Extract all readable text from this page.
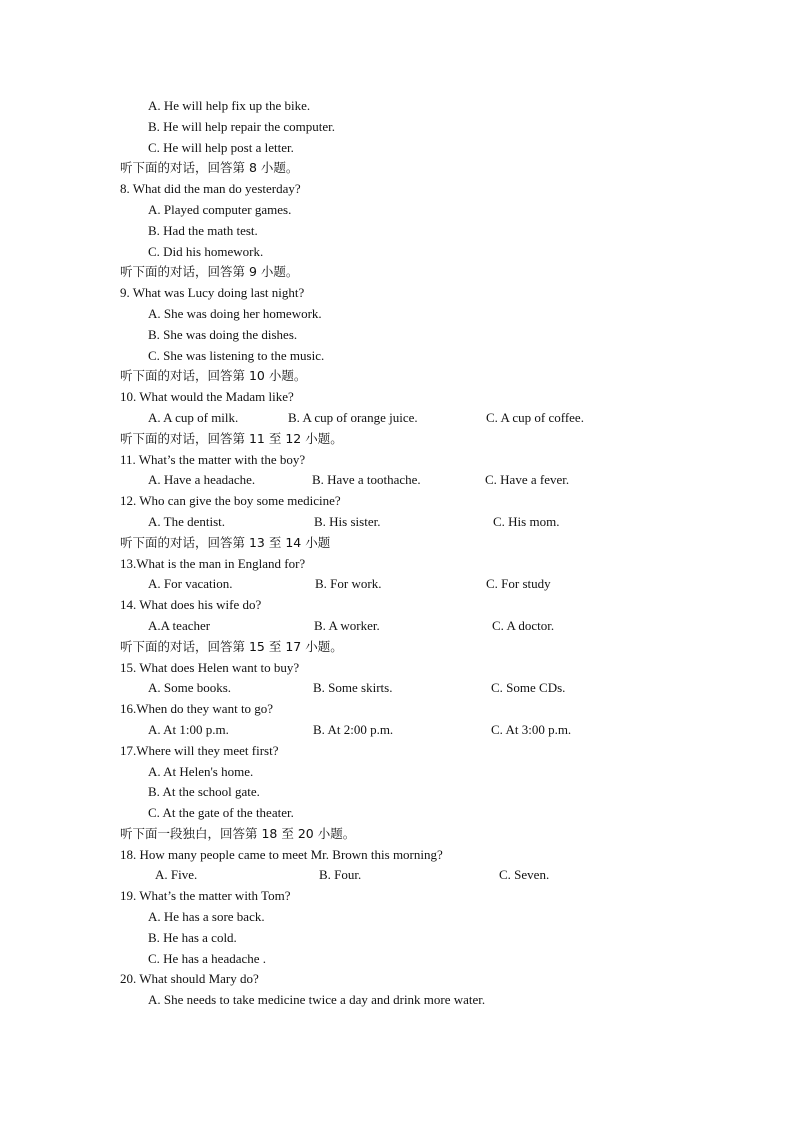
A. He will help fix up the bike.
B. He will help repair the computer.
C. He will help post a letter.
听下面的对话，回答第 8 小题。
8. What did the man do yesterday?
A. Played computer games.
B. Had the math test.
C. Did his homework.
听下面的对话，回答第 9 小题。
9. What was Lucy doing last night?
A. She was doing her homework.
B. She was doing the dishes.
C. She was listening to the music.
听下面的对话，回答第 10 小题。
10. What would the Madam like?
A. A cup of milk.	B. A cup of orange juice.	C. A cup of coffee.
听下面的对话，回答第 11 至 12 小题。
11. What’s the matter with the boy?
A. Have a headache.	B. Have a toothache.	C. Have a fever.
12. Who can give the boy some medicine?
A. The dentist.	B. His sister.	C. His mom.
听下面的对话，回答第 13 至 14 小题
13.What is the man in England for?
A. For vacation.	B. For work.	C. For study
14. What does his wife do?
A.A teacher	B. A worker.	C. A doctor.
听下面的对话，回答第 15 至 17 小题。
15. What does Helen want to buy?
A. Some books.	B. Some skirts.	C. Some CDs.
16.When do they want to go?
A. At 1:00 p.m.	B. At 2:00 p.m.	C. At 3:00 p.m.
17.Where will they meet first?
A. At Helen's home.
B. At the school gate.
C. At the gate of the theater.
听下面一段独白，回答第 18 至 20 小题。
18. How many people came to meet Mr. Brown this morning?
A. Five.	B. Four.	C. Seven.
19. What’s the matter with Tom?
A. He has a sore back.
B. He has a cold.
C. He has a headache .
20. What should Mary do?
A. She needs to take medicine twice a day and drink more water.
